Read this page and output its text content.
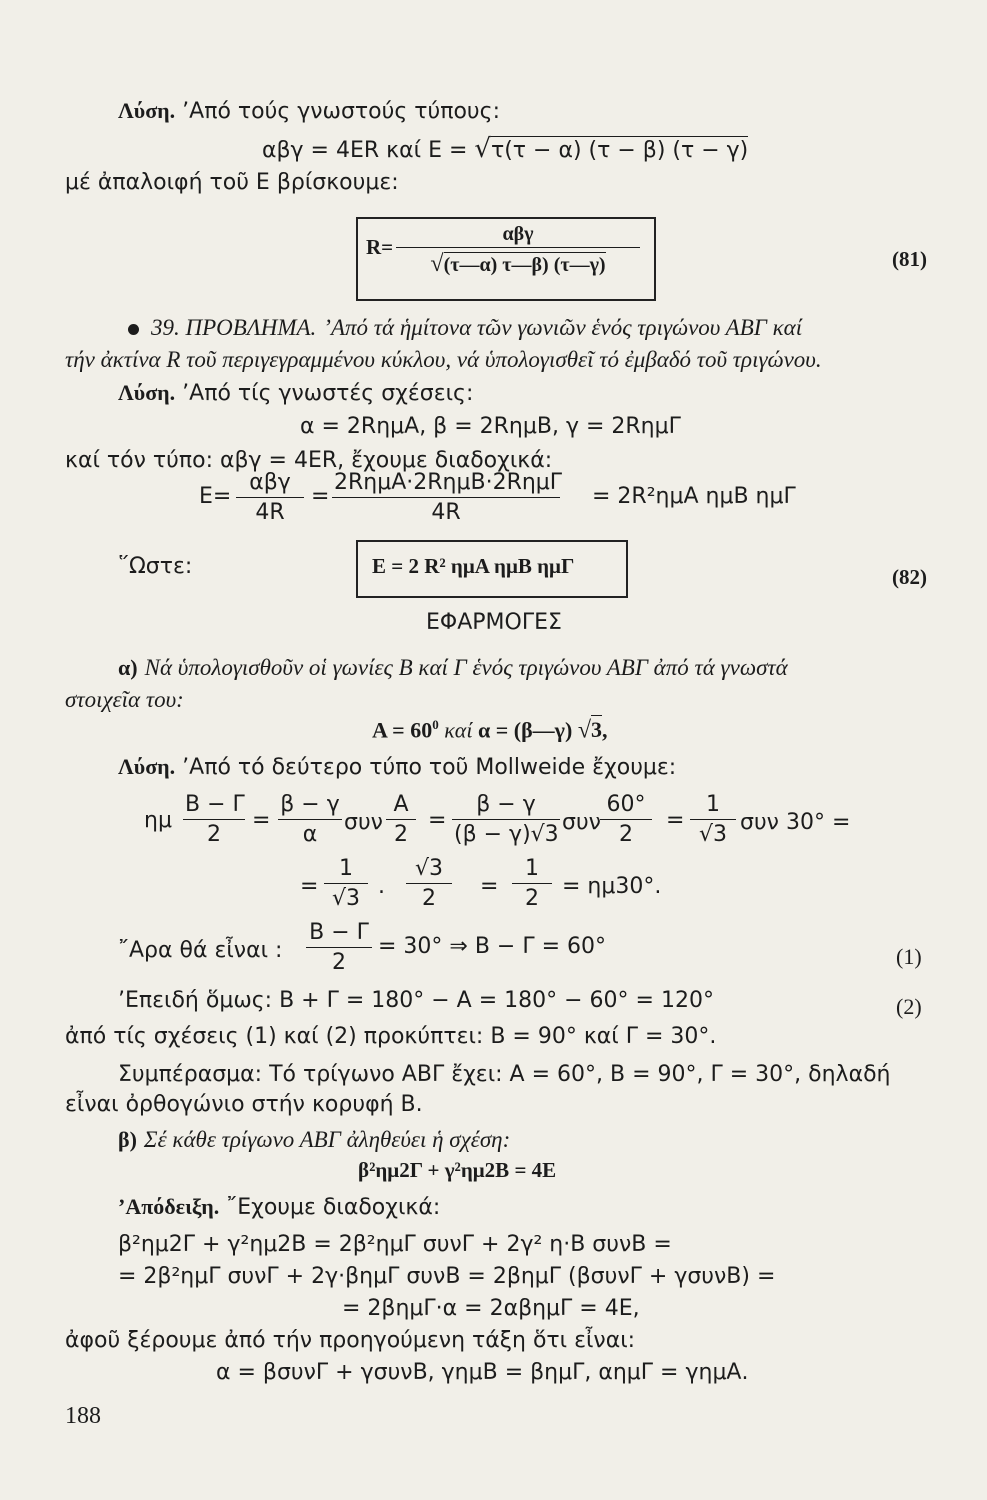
Λύση. ’Από τούς γνωστούς τύπους:
αβγ = 4ER καί E = √τ(τ − α) (τ − β) (τ − γ)
μέ ἀπαλοιφή τοῦ E βρίσκουμε:
R=
αβγ
√(τ—α) τ—β) (τ—γ)	(81)
39. ΠΡΟΒΛΗΜΑ. ’Από τά ἡμίτονα τῶν γωνιῶν ἑνός τριγώνου ΑΒΓ καί
τήν ἀκτίνα R τοῦ περιγεγραμμένου κύκλου, νά ὑπολογισθεῖ τό ἐμβαδό τοῦ τριγώνου.
Λύση. ’Από τίς γνωστές σχέσεις:
α = 2RημΑ, β = 2RημΒ, γ = 2RημΓ
καί τόν τύπο: αβγ = 4ER, ἔχουμε διαδοχικά:
E=
αβγ
4R
=
2RημΑ·2RημΒ·2RημΓ
4R
= 2R²ημΑ ημΒ ημΓ
῞Ωστε:	E = 2 R² ημΑ ημΒ ημΓ	(82)
ΕΦΑΡΜΟΓΕΣ
α) Νά ὑπολογισθοῦν οἱ γωνίες Β καί Γ ἑνός τριγώνου ΑΒΓ ἀπό τά γνωστά
στοιχεῖα του:
$A = 60^0$ καί α = (β—γ) √3,
Λύση. ’Από τό δεύτερο τύπο τοῦ Mollweide ἔχουμε:
ημ
B − Γ
2
=
β − γ
α	συν
A
2
=
β − γ
(β − γ)√3 συν
60°
2
=
1
√3 συν 30° =
=
1
√3 .
√3
2	=
1
2	= ημ30°.
῎Αρα θά εἶναι :
B − Γ
2
= 30° ⇒ B − Γ = 60°	(1)
’Επειδή ὅμως: B + Γ = 180° − A = 180° − 60° = 120°	(2)
ἀπό τίς σχέσεις (1) καί (2) προκύπτει: B = 90° καί Γ = 30°.
Συμπέρασμα: Τό τρίγωνο ΑΒΓ ἔχει: A = 60°, B = 90°, Γ = 30°, δηλαδή
εἶναι ὀρθογώνιο στήν κορυφή B.
β) Σέ κάθε τρίγωνο ΑΒΓ ἀληθεύει ἡ σχέση:
β²ημ2Γ + γ²ημ2Β = 4E
’Απόδειξη. ῎Εχουμε διαδοχικά:
β²ημ2Γ + γ²ημ2Β = 2β²ημΓ συνΓ + 2γ² η·Β συνΒ =
= 2β²ημΓ συνΓ + 2γ·βημΓ συνΒ = 2βημΓ (βσυνΓ + γσυνΒ) =
= 2βημΓ·α = 2αβημΓ = 4E,
ἀφοῦ ξέρουμε ἀπό τήν προηγούμενη τάξη ὅτι εἶναι:
α = βσυνΓ + γσυνΒ, γημΒ = βημΓ, αημΓ = γημΑ.
188
